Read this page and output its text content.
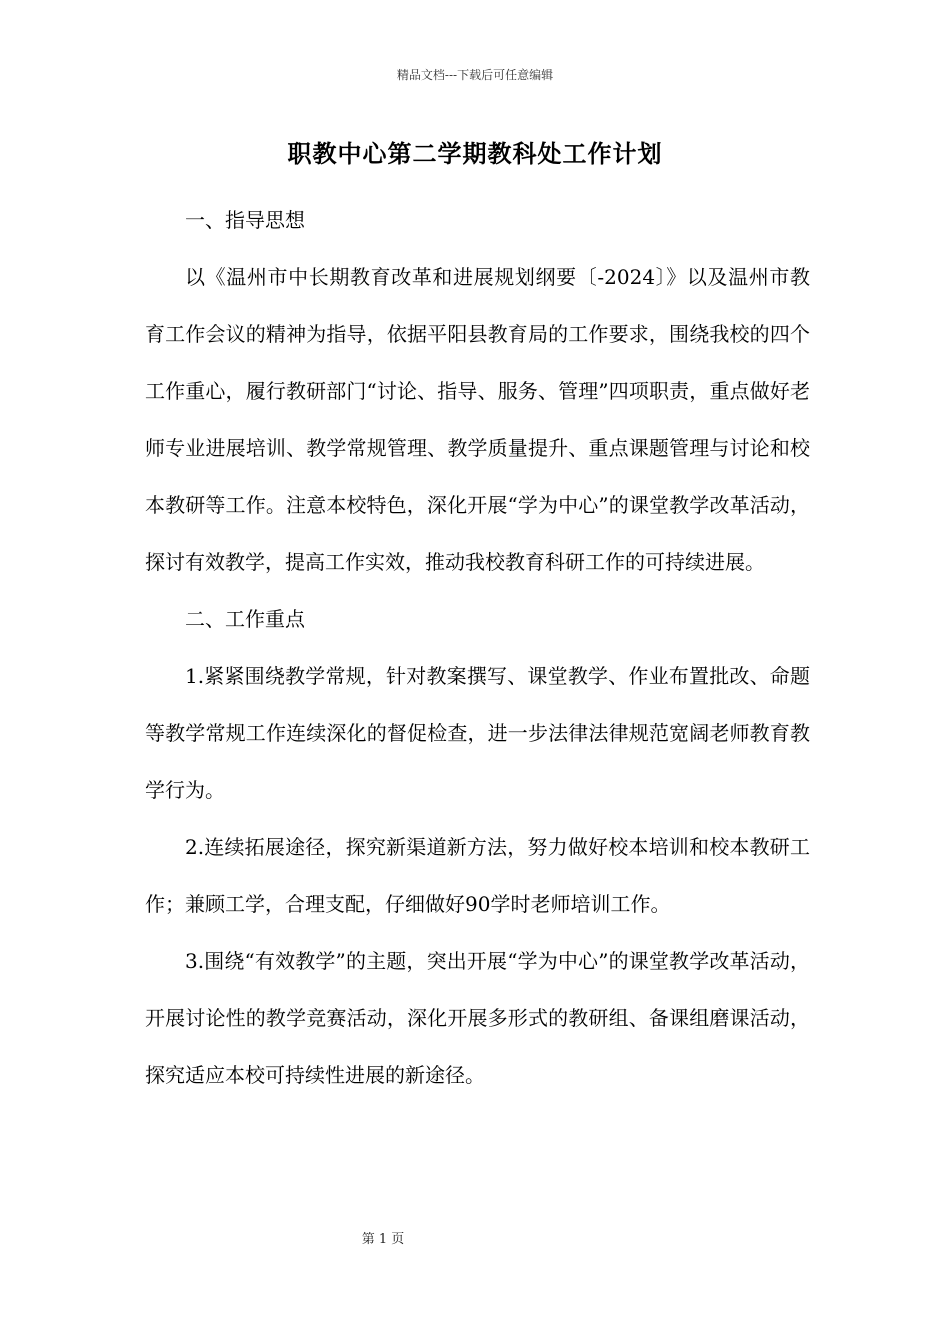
精品文档---下载后可任意编辑
职教中心第二学期教科处工作计划

一、指导思想

以《温州市中长期教育改革和进展规划纲要〔-2024〕》以及温州市教育工作会议的精神为指导，依据平阳县教育局的工作要求，围绕我校的四个工作重心，履行教研部门“讨论、指导、服务、管理”四项职责，重点做好老师专业进展培训、教学常规管理、教学质量提升、重点课题管理与讨论和校本教研等工作。注意本校特色，深化开展“学为中心”的课堂教学改革活动，探讨有效教学，提高工作实效，推动我校教育科研工作的可持续进展。

二、工作重点

1.紧紧围绕教学常规，针对教案撰写、课堂教学、作业布置批改、命题等教学常规工作连续深化的督促检查，进一步法律法律规范宽阔老师教育教学行为。

2.连续拓展途径，探究新渠道新方法，努力做好校本培训和校本教研工作；兼顾工学，合理支配，仔细做好90学时老师培训工作。

3.围绕“有效教学”的主题，突出开展“学为中心”的课堂教学改革活动，开展讨论性的教学竞赛活动，深化开展多形式的教研组、备课组磨课活动，探究适应本校可持续性进展的新途径。

第 1 页
